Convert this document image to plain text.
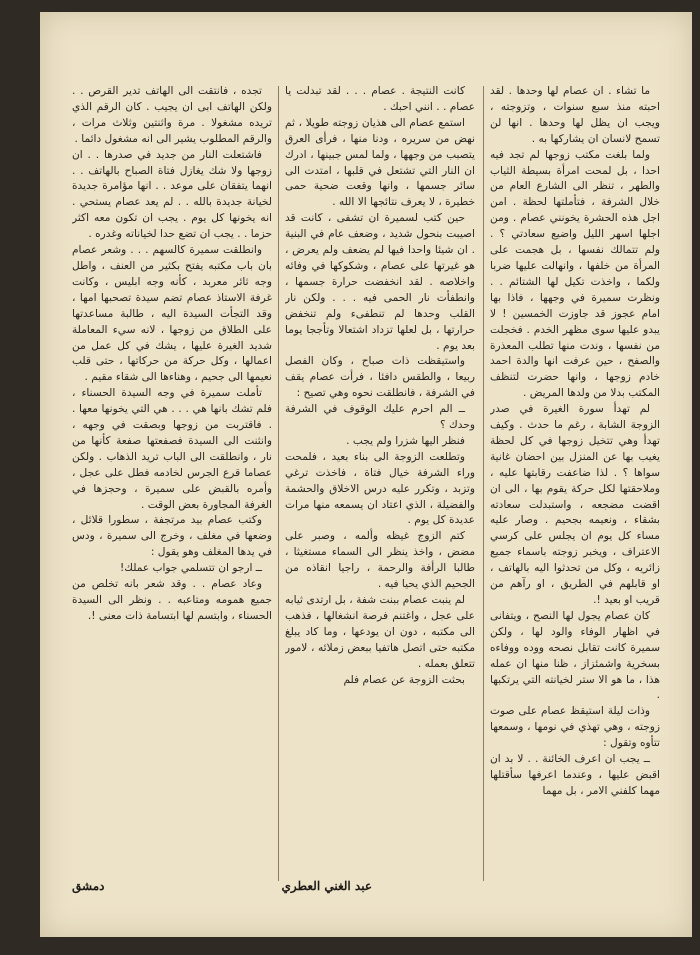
ما تشاء . ان عصام لها وحدها . لقد احبته منذ سبع سنوات ، وتزوجته ، ويجب ان يظل لها وحدها . انها لن تسمح لانسان ان يشاركها به .

ولما بلغت مكتب زوجها لم تجد فيه احدا ، بل لمحت امرأة بسيطة الثياب والطهر ، تنظر الى الشارع العام من خلال الشرفة ، فتأملتها لحظة . امن اجل هذه الحشرة يخونني عصام . ومن اجلها اسهر الليل واضيع سعادتي ؟ . ولم تتمالك نفسها ، بل هجمت على المرأة من خلفها ، وانهالت عليها ضربا ولكما ، واخذت تكيل لها الشتائم . . ونظرت سميرة في وجهها ، فاذا بها امام عجوز قد جاوزت الخمسين ! لا يبدو عليها سوى مظهر الخدم . فخجلت من نفسها ، وندت منها تطلب المعذرة والصفح ، حين عرفت انها والدة احمد خادم زوجها ، وانها حضرت لتنظف المكتب بدلا من ولدها المريض .

لم تهدأ سورة الغيرة في صدر الزوجة الشابة ، رغم ما حدث . وكيف تهدأ وهي تتخيل زوجها في كل لحظة يغيب بها عن المنزل بين احضان غانية سواها ؟ . لذا ضاعفت رقابتها عليه ، وملاحقتها لكل حركة يقوم بها ، الى ان اقضت مضجعه ، واستبدلت سعادته بشقاء ، ونعيمه بجحيم . وصار عليه مساء كل يوم ان يجلس على كرسي الاعتراف ، ويخبر زوجته باسماء جميع زائريه ، وكل من تحدثوا اليه بالهاتف ، او قابلهم في الطريق ، او رآهم من قريب او بعيد !.

كان عصام يجول لها النصح ، ويتفانى في اظهار الوفاء والود لها ، ولكن سميرة كانت تقابل نصحه ووده ووفاءه بسخرية واشمئزاز ، ظنا منها ان عمله هذا ، ما هو الا ستر لخيانته التي يرتكبها .

وذات ليلة استيقظ عصام على صوت زوجته ، وهي تهذي في نومها ، وسمعها تتأوه وتقول :

ــ يجب ان اعرف الخائنة . . لا بد ان اقبض عليها ، وعندما اعرفها سأقتلها مهما كلفني الامر ، بل مهما

كانت النتيجة . عصام . . . لقد تبدلت يا عصام . . انني احبك .

استمع عصام الى هذيان زوجته طويلا ، ثم نهض من سريره ، ودنا منها ، فرأى العرق يتصبب من وجهها ، ولما لمس جبينها ، ادرك ان النار التي تشتعل في قلبها ، امتدت الى سائر جسمها ، وانها وقعت ضحية حمى خطيرة ، لا يعرف نتائجها الا الله .

حين كتب لسميرة ان تشفى ، كانت قد اصيبت بنحول شديد ، وضعف عام في البنية . ان شيئا واحدا فيها لم يضعف ولم يعرض ، هو غيرتها على عصام ، وشكوكها في وفائه واخلاصه . لقد انخفضت حرارة جسمها ، وانطفأت نار الحمى فيه . . . ولكن نار القلب وحدها لم تنطفىء ولم تنخفض حرارتها ، بل لعلها تزداد اشتعالا وتأججا يوما بعد يوم .

واستيقظت ذات صباح ، وكان الفصل ربيعا ، والطقس دافئا ، فرأت عصام يقف في الشرفة ، فانطلقت نحوه وهي تصيح :

ــ الم احرم عليك الوقوف في الشرفة وحدك ؟

فنظر اليها شزرا ولم يجب .

وتطلعت الزوجة الى بناء بعيد ، فلمحت وراء الشرفة خيال فتاة ، فاخذت ترغي وتزبد ، وتكرر عليه درس الاخلاق والحشمة والفضيلة ، الذي اعتاد ان يسمعه منها مرات عديدة كل يوم .

كتم الزوج غيظه وألمه ، وصبر على مضض ، واخذ ينظر الى السماء مستغيثا ، طالبا الرأفة والرحمة ، راجيا انقاذه من الجحيم الذي يحيا فيه .

لم ينبت عصام ببنت شفة ، بل ارتدى ثيابه على عجل ، واغتنم فرصة انشغالها ، فذهب الى مكتبه ، دون ان يودعها ، وما كاد يبلغ مكتبه حتى اتصل هاتفيا ببعض زملائه ، لامور تتعلق بعمله .

بحثت الزوجة عن عصام فلم

تجده ، فانتقت الى الهاتف تدير القرص . . ولكن الهاتف ابى ان يجيب . كان الرقم الذي تريده مشغولا . مرة واثنتين وثلاث مرات ، والرقم المطلوب يشير الى انه مشغول دائما .

فاشتعلت النار من جديد في صدرها . . ان زوجها ولا شك يغازل فتاة الصباح بالهاتف . . انهما يتفقان على موعد . . انها مؤامرة جديدة لخيانة جديدة بالله . . لم يعد عصام يستحي . انه يخونها كل يوم . يجب ان تكون معه اكثر حزما . . يجب ان تضع حدا لخياناته وغدره .

وانطلقت سميرة كالسهم . . . وشعر عصام بان باب مكتبه يفتح بكثير من العنف ، واطل وجه ثائر معربد ، كأنه وجه ابليس ، وكانت غرفة الاستاذ عصام تضم سيدة تصحبها امها ، وقد التجأت السيدة اليه ، طالبة مساعدتها على الطلاق من زوجها ، لانه سيء المعاملة شديد الغيرة عليها ، يشك في كل عمل من اعمالها ، وكل حركة من حركاتها ، حتى قلب نعيمها الى جحيم ، وهناءها الى شقاء مقيم .

تأملت سميرة في وجه السيدة الحسناء ، فلم تشك بانها هي . . . هي التي يخونها معها . . فاقتربت من زوجها وبصقت في وجهه ، وانثنت الى السيدة فصفعتها صفعة كأنها من نار ، وانطلقت الى الباب تريد الذهاب . ولكن عصاما قرع الجرس لخادمه فطل على عجل ، وأمره بالقبض على سميرة ، وحجزها في الغرفة المجاورة بعض الوقت .

وكتب عصام بيد مرتجفة ، سطورا قلائل ، وضعها في مغلف ، وخرج الى سميرة ، ودس في يدها المغلف وهو يقول :

ــ ارجو ان تتسلمي جواب عملك!

وعاد عصام . . وقد شعر بانه تخلص من جميع همومه ومتاعبه . . ونظر الى السيدة الحسناء ، وابتسم لها ابتسامة ذات معنى !.

عبد الغني العطري
دمشق
